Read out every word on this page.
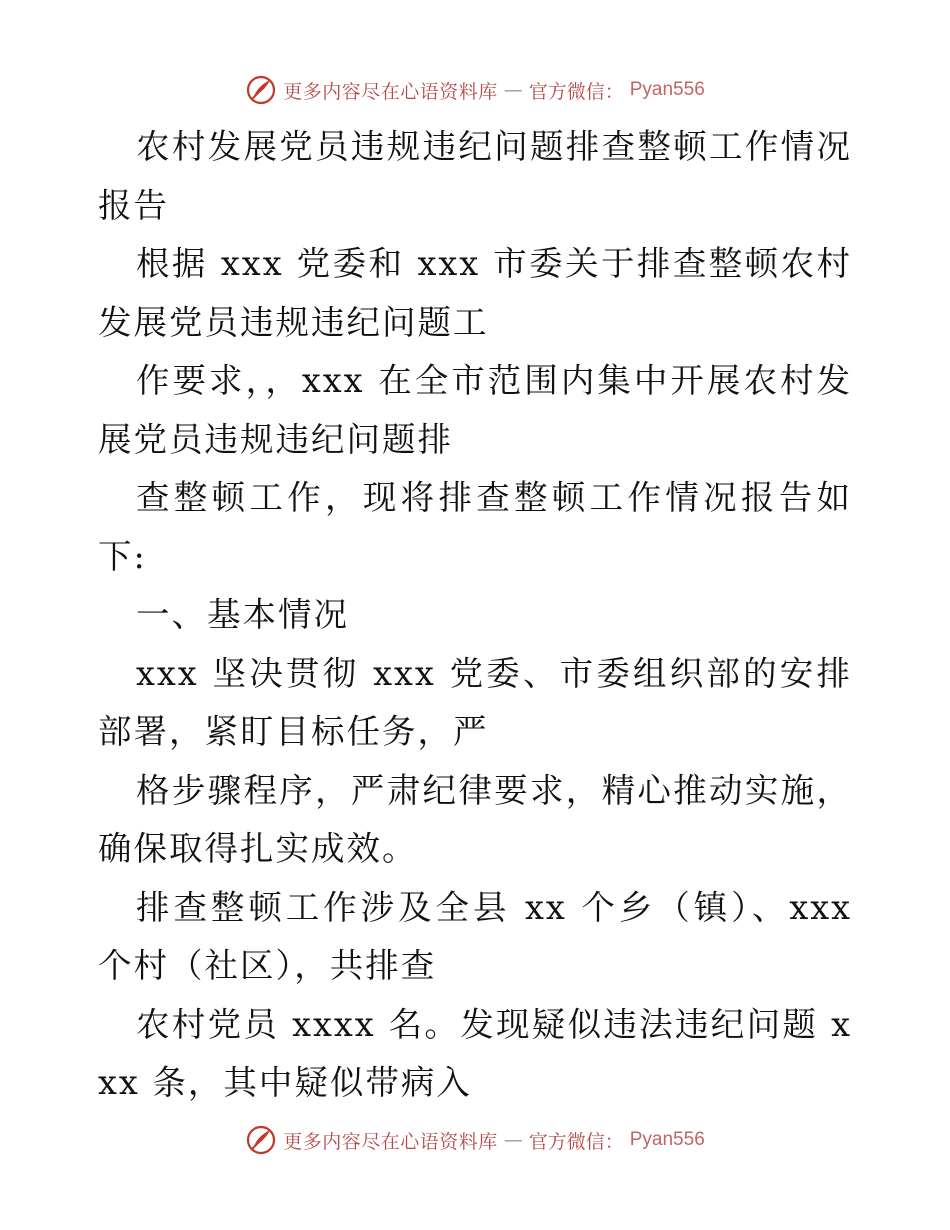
更多内容尽在心语资料库 — 官方微信： Pyan556

农村发展党员违规违纪问题排查整顿工作情况报告

根据 xxx 党委和 xxx 市委关于排查整顿农村发展党员违规违纪问题工

作要求，，xxx 在全市范围内集中开展农村发展党员违规违纪问题排

查整顿工作，现将排查整顿工作情况报告如下:

一、基本情况

xxx 坚决贯彻 xxx 党委、市委组织部的安排部署，紧盯目标任务，严

格步骤程序，严肃纪律要求，精心推动实施，确保取得扎实成效。

排查整顿工作涉及全县 xx 个乡（镇）、xxx 个村（社区），共排查

农村党员 xxxx 名。发现疑似违法违纪问题 xxx 条，其中疑似带病入

更多内容尽在心语资料库 — 官方微信： Pyan556
